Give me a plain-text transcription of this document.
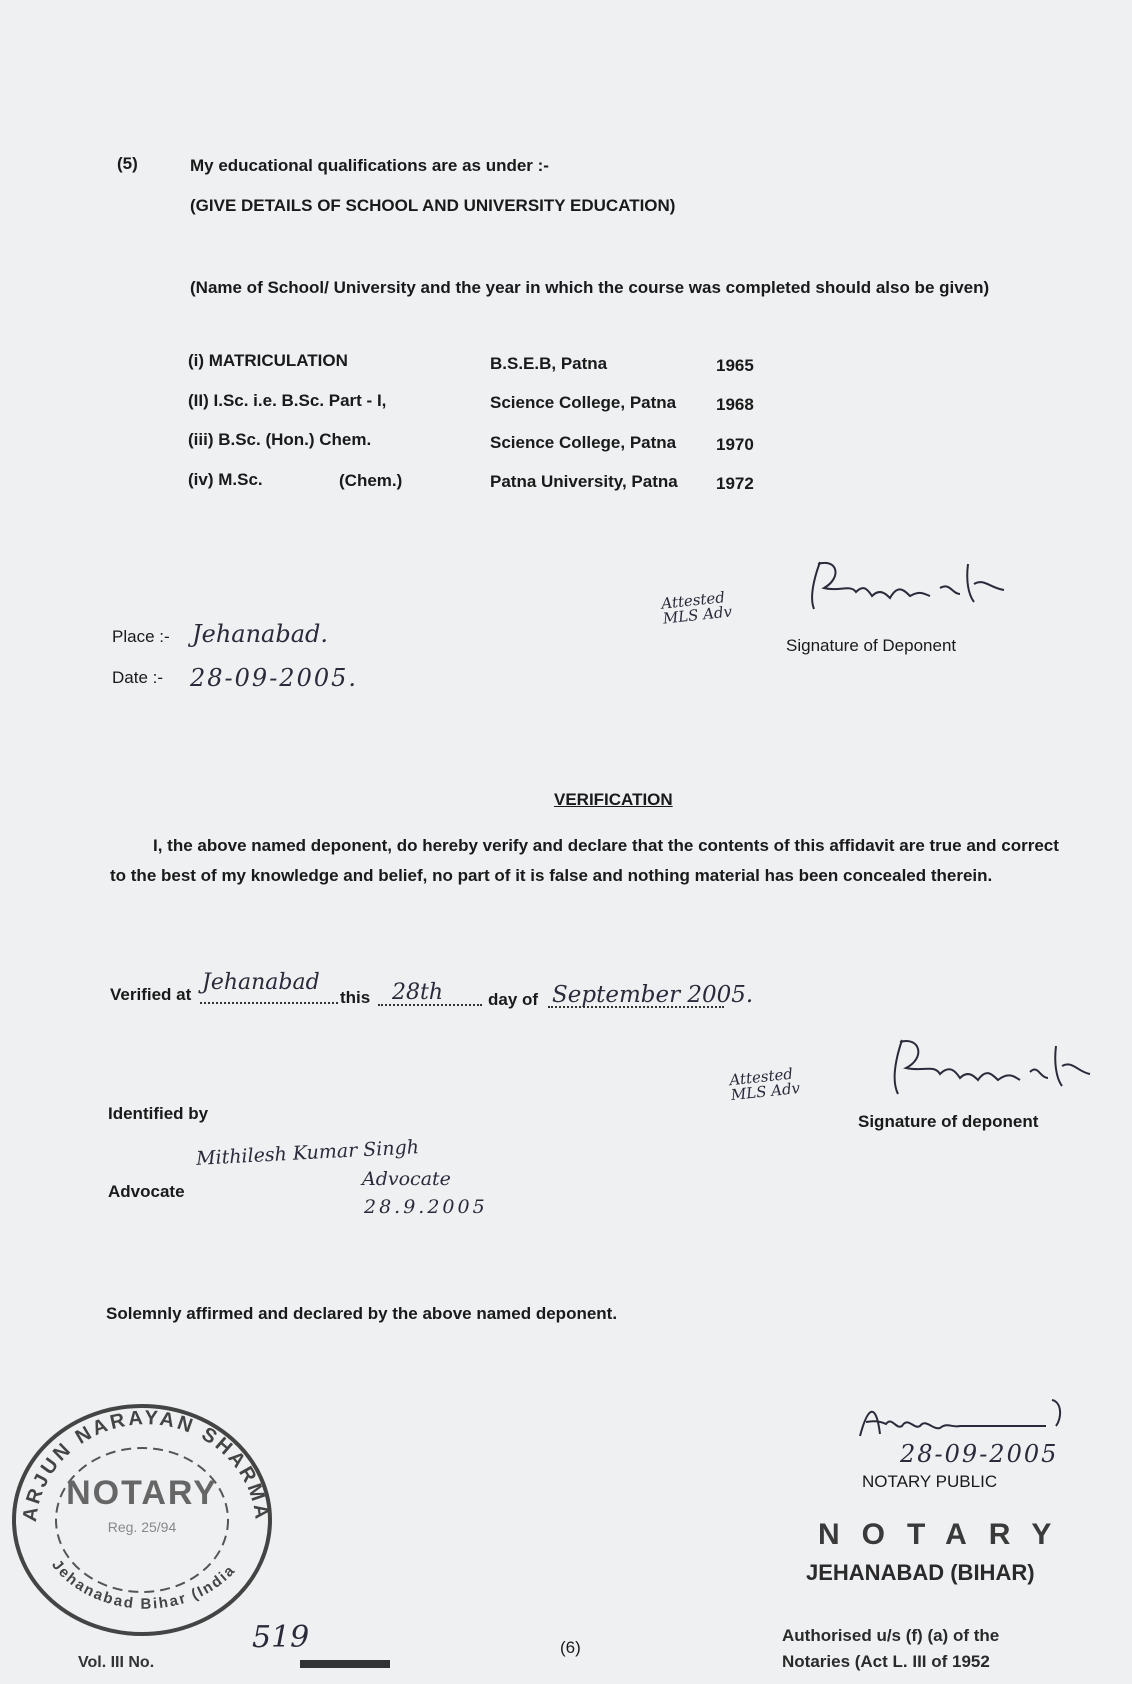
(5)	My educational qualifications are as under :-
(GIVE DETAILS OF SCHOOL AND UNIVERSITY EDUCATION)
(Name of School/ University and the year in which the course was completed should also be given)
(i) MATRICULATION	B.S.E.B, Patna	1965
(II) I.Sc. i.e. B.Sc. Part - I,	Science College, Patna 1968
(iii) B.Sc. (Hon.) Chem.	Science College, Patna 1970
(iv) M.Sc.	(Chem.)	Patna University, Patna 1972
Place :- Jehanabad.
Date :- 28-09-2005.
Attested MLS Adv
Signature of Deponent
VERIFICATION
I, the above named deponent, do hereby verify and declare that the contents of this affidavit are true and correct
to the best of my knowledge and belief, no part of it is false and nothing material has been concealed therein.
Verified at Jehanabad
this 28th	day of September 2005.
Identified by
Attested MLS Adv
Signature of deponent
Advocate
Mithilesh Kumar Singh
Advocate
28.9.2005
Solemnly affirmed and declared by the above named deponent.
ARJUN NARAYAN SHARMA
Jehanabad Bihar (India)
NOTARY
Reg. 25/94
28-09-2005
NOTARY PUBLIC
NOTARY
JEHANABAD (BIHAR)
Authorised u/s (f) (a) of the
Notaries (Act L. III of 1952
Vol. III No.
519	(6)
